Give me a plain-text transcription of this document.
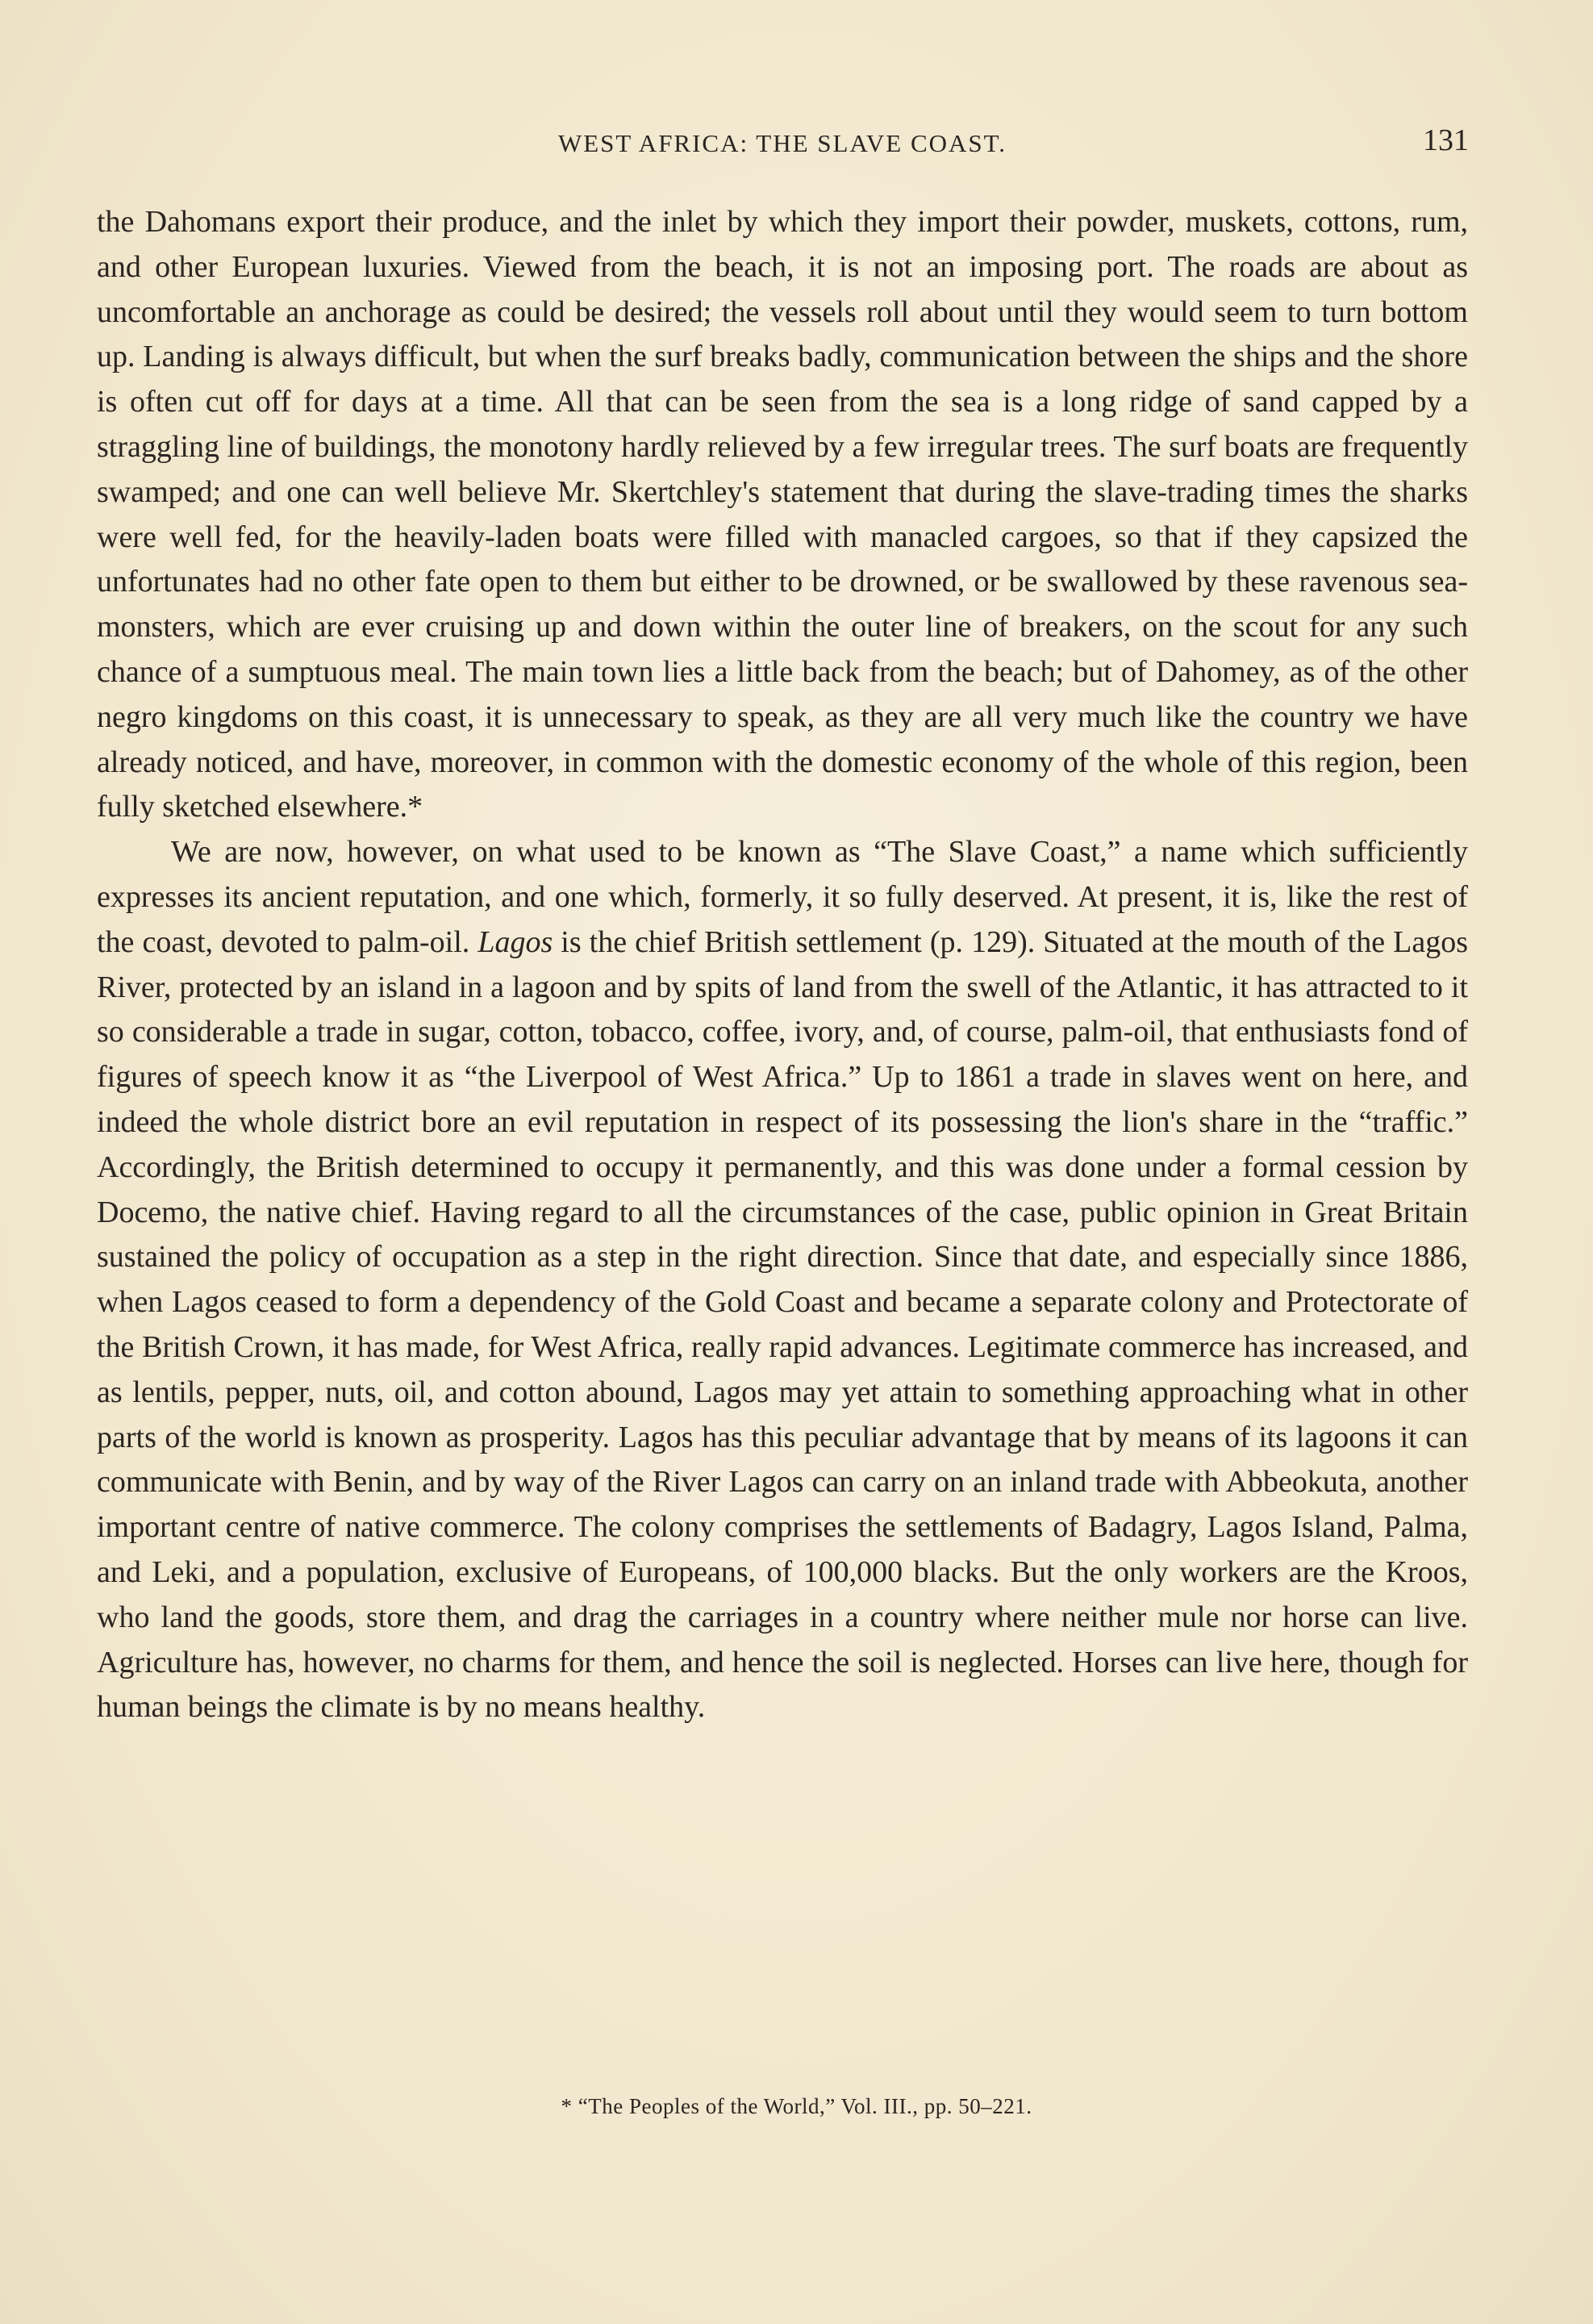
WEST AFRICA: THE SLAVE COAST.	131

the Dahomans export their produce, and the inlet by which they import their powder, muskets, cottons, rum, and other European luxuries. Viewed from the beach, it is not an imposing port. The roads are about as uncomfortable an anchorage as could be desired; the vessels roll about until they would seem to turn bottom up. Landing is always difficult, but when the surf breaks badly, communication between the ships and the shore is often cut off for days at a time. All that can be seen from the sea is a long ridge of sand capped by a straggling line of buildings, the monotony hardly relieved by a few irregular trees. The surf boats are frequently swamped; and one can well believe Mr. Skertchley's statement that during the slave-trading times the sharks were well fed, for the heavily-laden boats were filled with manacled cargoes, so that if they capsized the unfortunates had no other fate open to them but either to be drowned, or be swallowed by these ravenous sea-monsters, which are ever cruising up and down within the outer line of breakers, on the scout for any such chance of a sumptuous meal. The main town lies a little back from the beach; but of Dahomey, as of the other negro kingdoms on this coast, it is unnecessary to speak, as they are all very much like the country we have already noticed, and have, moreover, in common with the domestic economy of the whole of this region, been fully sketched elsewhere.*

We are now, however, on what used to be known as “The Slave Coast,” a name which sufficiently expresses its ancient reputation, and one which, formerly, it so fully deserved. At present, it is, like the rest of the coast, devoted to palm-oil. Lagos is the chief British settlement (p. 129). Situated at the mouth of the Lagos River, protected by an island in a lagoon and by spits of land from the swell of the Atlantic, it has attracted to it so considerable a trade in sugar, cotton, tobacco, coffee, ivory, and, of course, palm-oil, that enthusiasts fond of figures of speech know it as “the Liverpool of West Africa.” Up to 1861 a trade in slaves went on here, and indeed the whole district bore an evil reputation in respect of its possessing the lion's share in the “traffic.” Accordingly, the British determined to occupy it permanently, and this was done under a formal cession by Docemo, the native chief. Having regard to all the circumstances of the case, public opinion in Great Britain sustained the policy of occupation as a step in the right direction. Since that date, and especially since 1886, when Lagos ceased to form a dependency of the Gold Coast and became a separate colony and Protectorate of the British Crown, it has made, for West Africa, really rapid advances. Legitimate commerce has increased, and as lentils, pepper, nuts, oil, and cotton abound, Lagos may yet attain to something approaching what in other parts of the world is known as prosperity. Lagos has this peculiar advantage that by means of its lagoons it can communicate with Benin, and by way of the River Lagos can carry on an inland trade with Abbeokuta, another important centre of native commerce. The colony comprises the settlements of Badagry, Lagos Island, Palma, and Leki, and a population, exclusive of Europeans, of 100,000 blacks. But the only workers are the Kroos, who land the goods, store them, and drag the carriages in a country where neither mule nor horse can live. Agriculture has, however, no charms for them, and hence the soil is neglected. Horses can live here, though for human beings the climate is by no means healthy.

* “The Peoples of the World,” Vol. III., pp. 50–221.
